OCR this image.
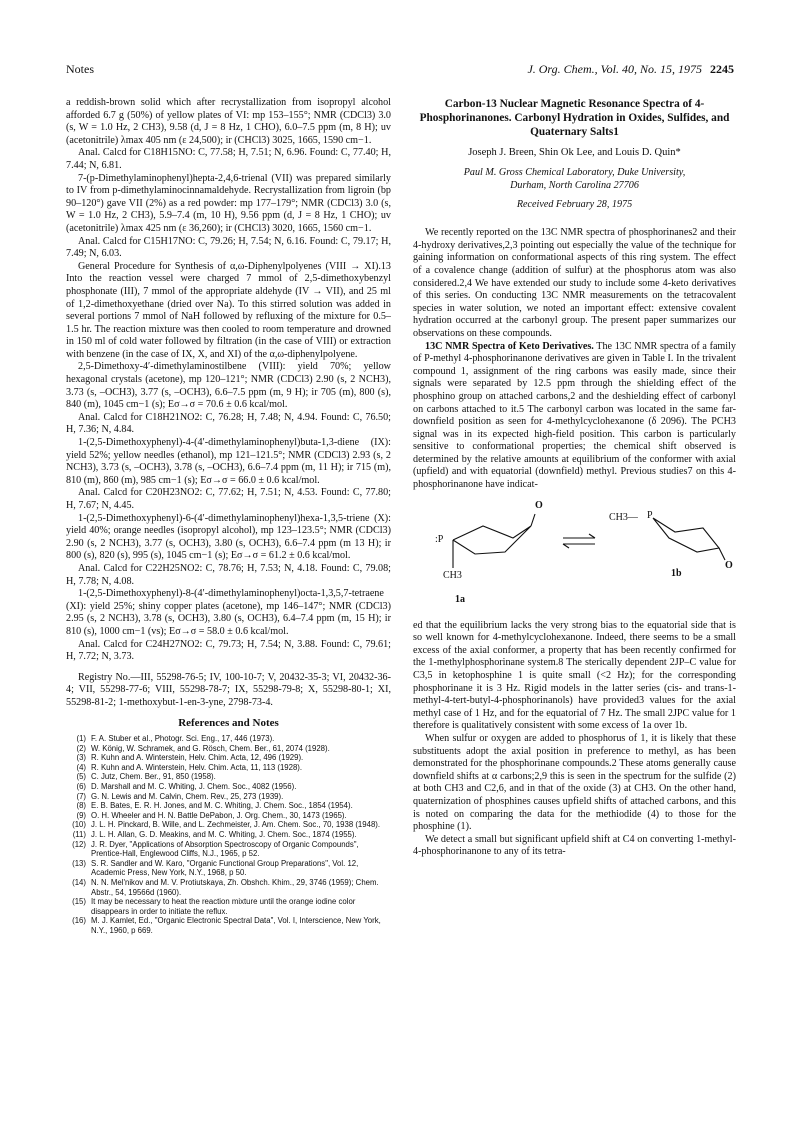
Notes	J. Org. Chem., Vol. 40, No. 15, 1975 2245

a reddish-brown solid which after recrystallization from isopropyl alcohol afforded 6.7 g (50%) of yellow plates of VI: mp 153–155°; NMR (CDCl3) 3.0 (s, W = 1.0 Hz, 2 CH3), 9.58 (d, J = 8 Hz, 1 CHO), 6.0–7.5 ppm (m, 8 H); uv (acetonitrile) λmax 405 nm (ε 24,500); ir (CHCl3) 3025, 1665, 1590 cm−1.

Anal. Calcd for C18H15NO: C, 77.58; H, 7.51; N, 6.96. Found: C, 77.40; H, 7.44; N, 6.81.

7-(p-Dimethylaminophenyl)hepta-2,4,6-trienal (VII) was prepared similarly to IV from p-dimethylaminocinnamaldehyde. Recrystallization from ligroin (bp 90–120°) gave VII (2%) as a red powder: mp 177–179°; NMR (CDCl3) 3.0 (s, W = 1.0 Hz, 2 CH3), 5.9–7.4 (m, 10 H), 9.56 ppm (d, J = 8 Hz, 1 CHO); uv (acetonitrile) λmax 425 nm (ε 36,260); ir (CHCl3) 3020, 1665, 1560 cm−1.

Anal. Calcd for C15H17NO: C, 79.26; H, 7.54; N, 6.16. Found: C, 79.17; H, 7.49; N, 6.03.

General Procedure for Synthesis of α,ω-Diphenylpolyenes (VIII → XI).13 Into the reaction vessel were charged 7 mmol of 2,5-dimethoxybenzyl phosphonate (III), 7 mmol of the appropriate aldehyde (IV → VII), and 25 ml of 1,2-dimethoxyethane (dried over Na). To this stirred solution was added in several portions 7 mmol of NaH followed by refluxing of the mixture for 0.5–1.5 hr. The reaction mixture was then cooled to room temperature and drowned in 150 ml of cold water followed by filtration (in the case of VIII) or extraction with benzene (in the case of IX, X, and XI) of the α,ω-diphenylpolyene.

2,5-Dimethoxy-4′-dimethylaminostilbene (VIII): yield 70%; yellow hexagonal crystals (acetone), mp 120–121°; NMR (CDCl3) 2.90 (s, 2 NCH3), 3.73 (s, –OCH3), 3.77 (s, –OCH3), 6.6–7.5 ppm (m, 9 H); ir 705 (m), 800 (s), 840 (m), 1045 cm−1 (s); Eσ→σ = 70.6 ± 0.6 kcal/mol.

Anal. Calcd for C18H21NO2: C, 76.28; H, 7.48; N, 4.94. Found: C, 76.50; H, 7.36; N, 4.84.

1-(2,5-Dimethoxyphenyl)-4-(4′-dimethylaminophenyl)buta-1,3-diene (IX): yield 52%; yellow needles (ethanol), mp 121–121.5°; NMR (CDCl3) 2.93 (s, 2 NCH3), 3.73 (s, –OCH3), 3.78 (s, –OCH3), 6.6–7.4 ppm (m, 11 H); ir 715 (m), 810 (m), 860 (m), 985 cm−1 (s); Eσ→σ = 66.0 ± 0.6 kcal/mol.

Anal. Calcd for C20H23NO2: C, 77.62; H, 7.51; N, 4.53. Found: C, 77.80; H, 7.67; N, 4.45.

1-(2,5-Dimethoxyphenyl)-6-(4′-dimethylaminophenyl)hexa-1,3,5-triene (X): yield 40%; orange needles (isopropyl alcohol), mp 123–123.5°; NMR (CDCl3) 2.90 (s, 2 NCH3), 3.77 (s, OCH3), 3.80 (s, OCH3), 6.6–7.4 ppm (m 13 H); ir 800 (s), 820 (s), 995 (s), 1045 cm−1 (s); Eσ→σ = 61.2 ± 0.6 kcal/mol.

Anal. Calcd for C22H25NO2: C, 78.76; H, 7.53; N, 4.18. Found: C, 79.08; H, 7.78; N, 4.08.

1-(2,5-Dimethoxyphenyl)-8-(4′-dimethylaminophenyl)octa-1,3,5,7-tetraene (XI): yield 25%; shiny copper plates (acetone), mp 146–147°; NMR (CDCl3) 2.95 (s, 2 NCH3), 3.78 (s, OCH3), 3.80 (s, OCH3), 6.4–7.4 ppm (m, 15 H); ir 810 (s), 1000 cm−1 (vs); Eσ→σ = 58.0 ± 0.6 kcal/mol.

Anal. Calcd for C24H27NO2: C, 79.73; H, 7.54; N, 3.88. Found: C, 79.61; H, 7.72; N, 3.73.

Registry No.—III, 55298-76-5; IV, 100-10-7; V, 20432-35-3; VI, 20432-36-4; VII, 55298-77-6; VIII, 55298-78-7; IX, 55298-79-8; X, 55298-80-1; XI, 55298-81-2; 1-methoxybut-1-en-3-yne, 2798-73-4.

References and Notes
(1) F. A. Stuber et al., Photogr. Sci. Eng., 17, 446 (1973).
(2) W. König, W. Schramek, and G. Rösch, Chem. Ber., 61, 2074 (1928).
(3) R. Kuhn and A. Winterstein, Helv. Chim. Acta, 12, 496 (1929).
(4) R. Kuhn and A. Winterstein, Helv. Chim. Acta, 11, 113 (1928).
(5) C. Jutz, Chem. Ber., 91, 850 (1958).
(6) D. Marshall and M. C. Whiting, J. Chem. Soc., 4082 (1956).
(7) G. N. Lewis and M. Calvin, Chem. Rev., 25, 273 (1939).
(8) E. B. Bates, E. R. H. Jones, and M. C. Whiting, J. Chem. Soc., 1854 (1954).
(9) O. H. Wheeler and H. N. Battle DePabon, J. Org. Chem., 30, 1473 (1965).
(10) J. L. H. Pinckard, B. Wille, and L. Zechmeister, J. Am. Chem. Soc., 70, 1938 (1948).
(11) J. L. H. Allan, G. D. Meakins, and M. C. Whiting, J. Chem. Soc., 1874 (1955).
(12) J. R. Dyer, "Applications of Absorption Spectroscopy of Organic Compounds", Prentice-Hall, Englewood Cliffs, N.J., 1965, p 52.
(13) S. R. Sandler and W. Karo, "Organic Functional Group Preparations", Vol. 12, Academic Press, New York, N.Y., 1968, p 50.
(14) N. N. Mel'nikov and M. V. Protiutskaya, Zh. Obshch. Khim., 29, 3746 (1959); Chem. Abstr., 54, 19566d (1960).
(15) It may be necessary to heat the reaction mixture until the orange iodine color disappears in order to initiate the reflux.
(16) M. J. Kamlet, Ed., "Organic Electronic Spectral Data", Vol. I, Interscience, New York, N.Y., 1960, p 669.
Carbon-13 Nuclear Magnetic Resonance Spectra of 4-Phosphorinanones. Carbonyl Hydration in Oxides, Sulfides, and Quaternary Salts1
Joseph J. Breen, Shin Ok Lee, and Louis D. Quin*
Paul M. Gross Chemical Laboratory, Duke University,
Durham, North Carolina 27706
Received February 28, 1975

We recently reported on the 13C NMR spectra of phosphorinanes2 and their 4-hydroxy derivatives,2,3 pointing out especially the value of the technique for gaining information on conformational aspects of this ring system. The effect of a covalence change (addition of sulfur) at the phosphorus atom was also considered.2,4 We have extended our study to include some 4-keto derivatives of this series. On conducting 13C NMR measurements on the tetracovalent species in water solution, we noted an important effect: extensive covalent hydration occurred at the carbonyl group. The present paper summarizes our observations on these compounds.

13C NMR Spectra of Keto Derivatives. The 13C NMR spectra of a family of P-methyl 4-phosphorinanone derivatives are given in Table I. In the trivalent compound 1, assignment of the ring carbons was easily made, since their signals were separated by 12.5 ppm through the shielding effect of the phosphino group on attached carbons,2 and the deshielding effect of carbonyl on carbons attached to it.5 The carbonyl carbon was located in the same far-downfield position as seen for 4-methylcyclohexanone (δ 2096). The PCH3 signal was in its expected high-field position. This carbon is particularly sensitive to conformational properties; the chemical shift observed is determined by the relative amounts at equilibrium of the conformer with axial (upfield) and with equatorial (downfield) methyl. Previous studies7 on this 4-phosphorinanone have indicat-

O
:P
CH3
CH3— P
O
1a
1b

ed that the equilibrium lacks the very strong bias to the equatorial side that is so well known for 4-methylcyclohexanone. Indeed, there seems to be a small excess of the axial conformer, a property that has been recently confirmed for the 1-methylphosphorinane system.8 The sterically dependent 2JP–C value for C3,5 in ketophosphine 1 is quite small (<2 Hz); for the corresponding phosphorinane it is 3 Hz. Rigid models in the latter series (cis- and trans-1-methyl-4-tert-butyl-4-phosphorinanols) have provided3 values for the axial methyl case of 1 Hz, and for the equatorial of 7 Hz. The small 2JPC value for 1 therefore is qualitatively consistent with some excess of 1a over 1b.

When sulfur or oxygen are added to phosphorus of 1, it is likely that these substituents adopt the axial position in preference to methyl, as has been demonstrated for the phosphorinane compounds.2 These atoms generally cause downfield shifts at α carbons;2,9 this is seen in the spectrum for the sulfide (2) at both CH3 and C2,6, and in that of the oxide (3) at CH3. On the other hand, quaternization of phosphines causes upfield shifts of attached carbons, and this is noted on comparing the data for the methiodide (4) to those for the phosphine (1).

We detect a small but significant upfield shift at C4 on converting 1-methyl-4-phosphorinanone to any of its tetra-
